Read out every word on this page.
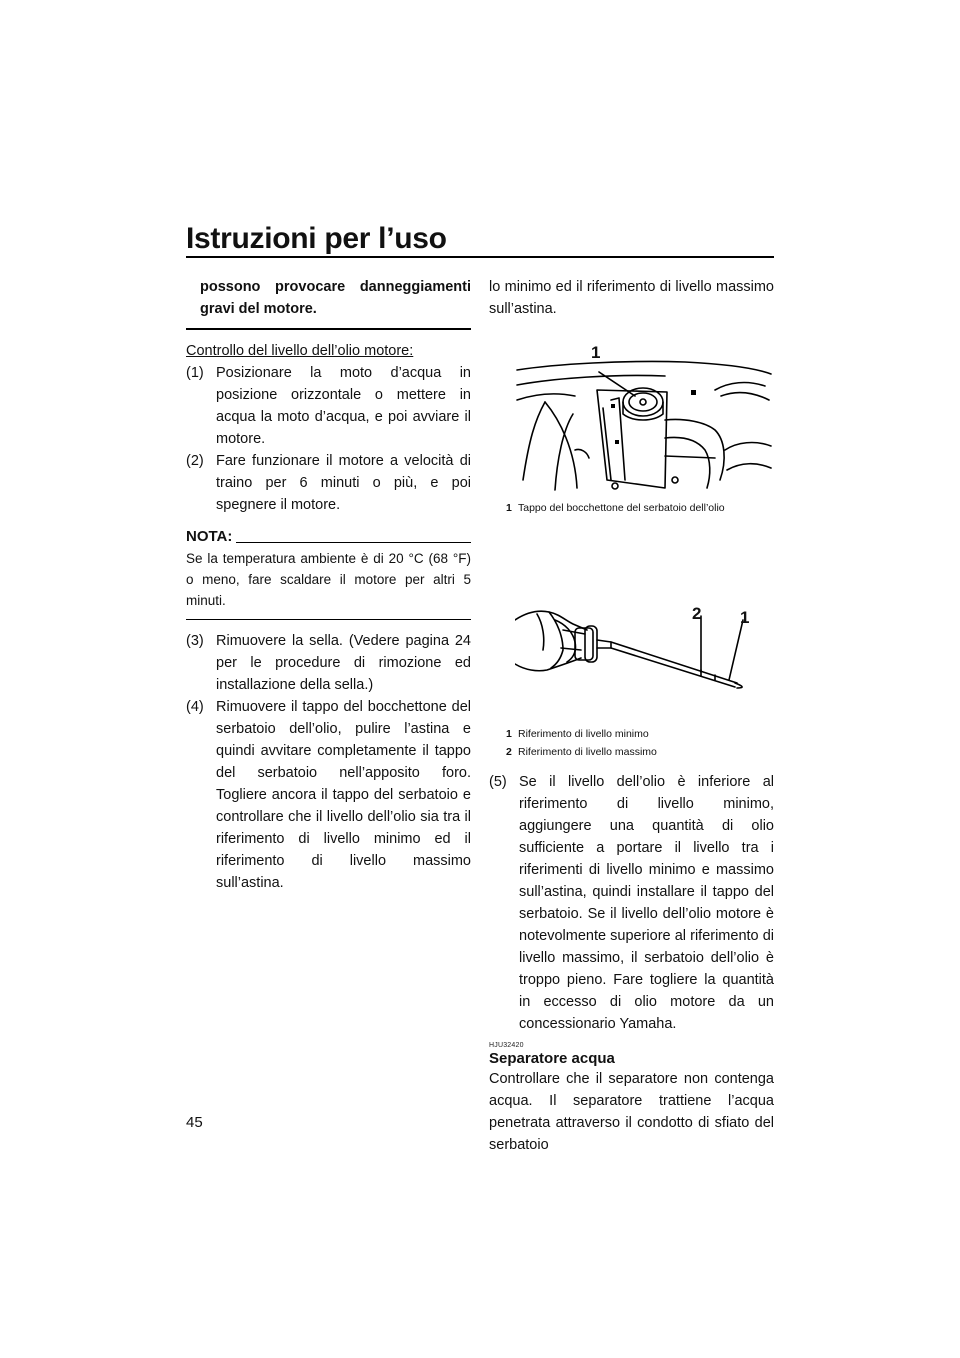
Istruzioni per l’uso
possono provocare danneggiamenti gravi del motore.
Controllo del livello dell’olio motore:
(1) Posizionare la moto d’acqua in posizione orizzontale o mettere in acqua la moto d’acqua, e poi avviare il motore.
(2) Fare funzionare il motore a velocità di traino per 6 minuti o più, e poi spegnere il motore.
NOTA:
Se la temperatura ambiente è di 20 °C (68 °F) o meno, fare scaldare il motore per altri 5 minuti.
(3) Rimuovere la sella. (Vedere pagina 24 per le procedure di rimozione ed installazione della sella.)
(4) Rimuovere il tappo del bocchettone del serbatoio dell’olio, pulire l’astina e quindi avvitare completamente il tappo del serbatoio nell’apposito foro. Togliere ancora il tappo del serbatoio e controllare che il livello dell’olio sia tra il riferimento di livello minimo ed il riferimento di livello massimo sull’astina.
lo minimo ed il riferimento di livello massimo sull’astina.
1
1 Tappo del bocchettone del serbatoio dell’olio
2 1
1 Riferimento di livello minimo
2 Riferimento di livello massimo
(5) Se il livello dell’olio è inferiore al riferimento di livello minimo, aggiungere una quantità di olio sufficiente a portare il livello tra i riferimenti di livello minimo e massimo sull’astina, quindi installare il tappo del serbatoio. Se il livello dell’olio motore è notevolmente superiore al riferimento di livello massimo, il serbatoio dell’olio è troppo pieno. Fare togliere la quantità in eccesso di olio motore da un concessionario Yamaha.
HJU32420
Separatore acqua
Controllare che il separatore non contenga acqua. Il separatore trattiene l’acqua penetrata attraverso il condotto di sfiato del serbatoio
45
